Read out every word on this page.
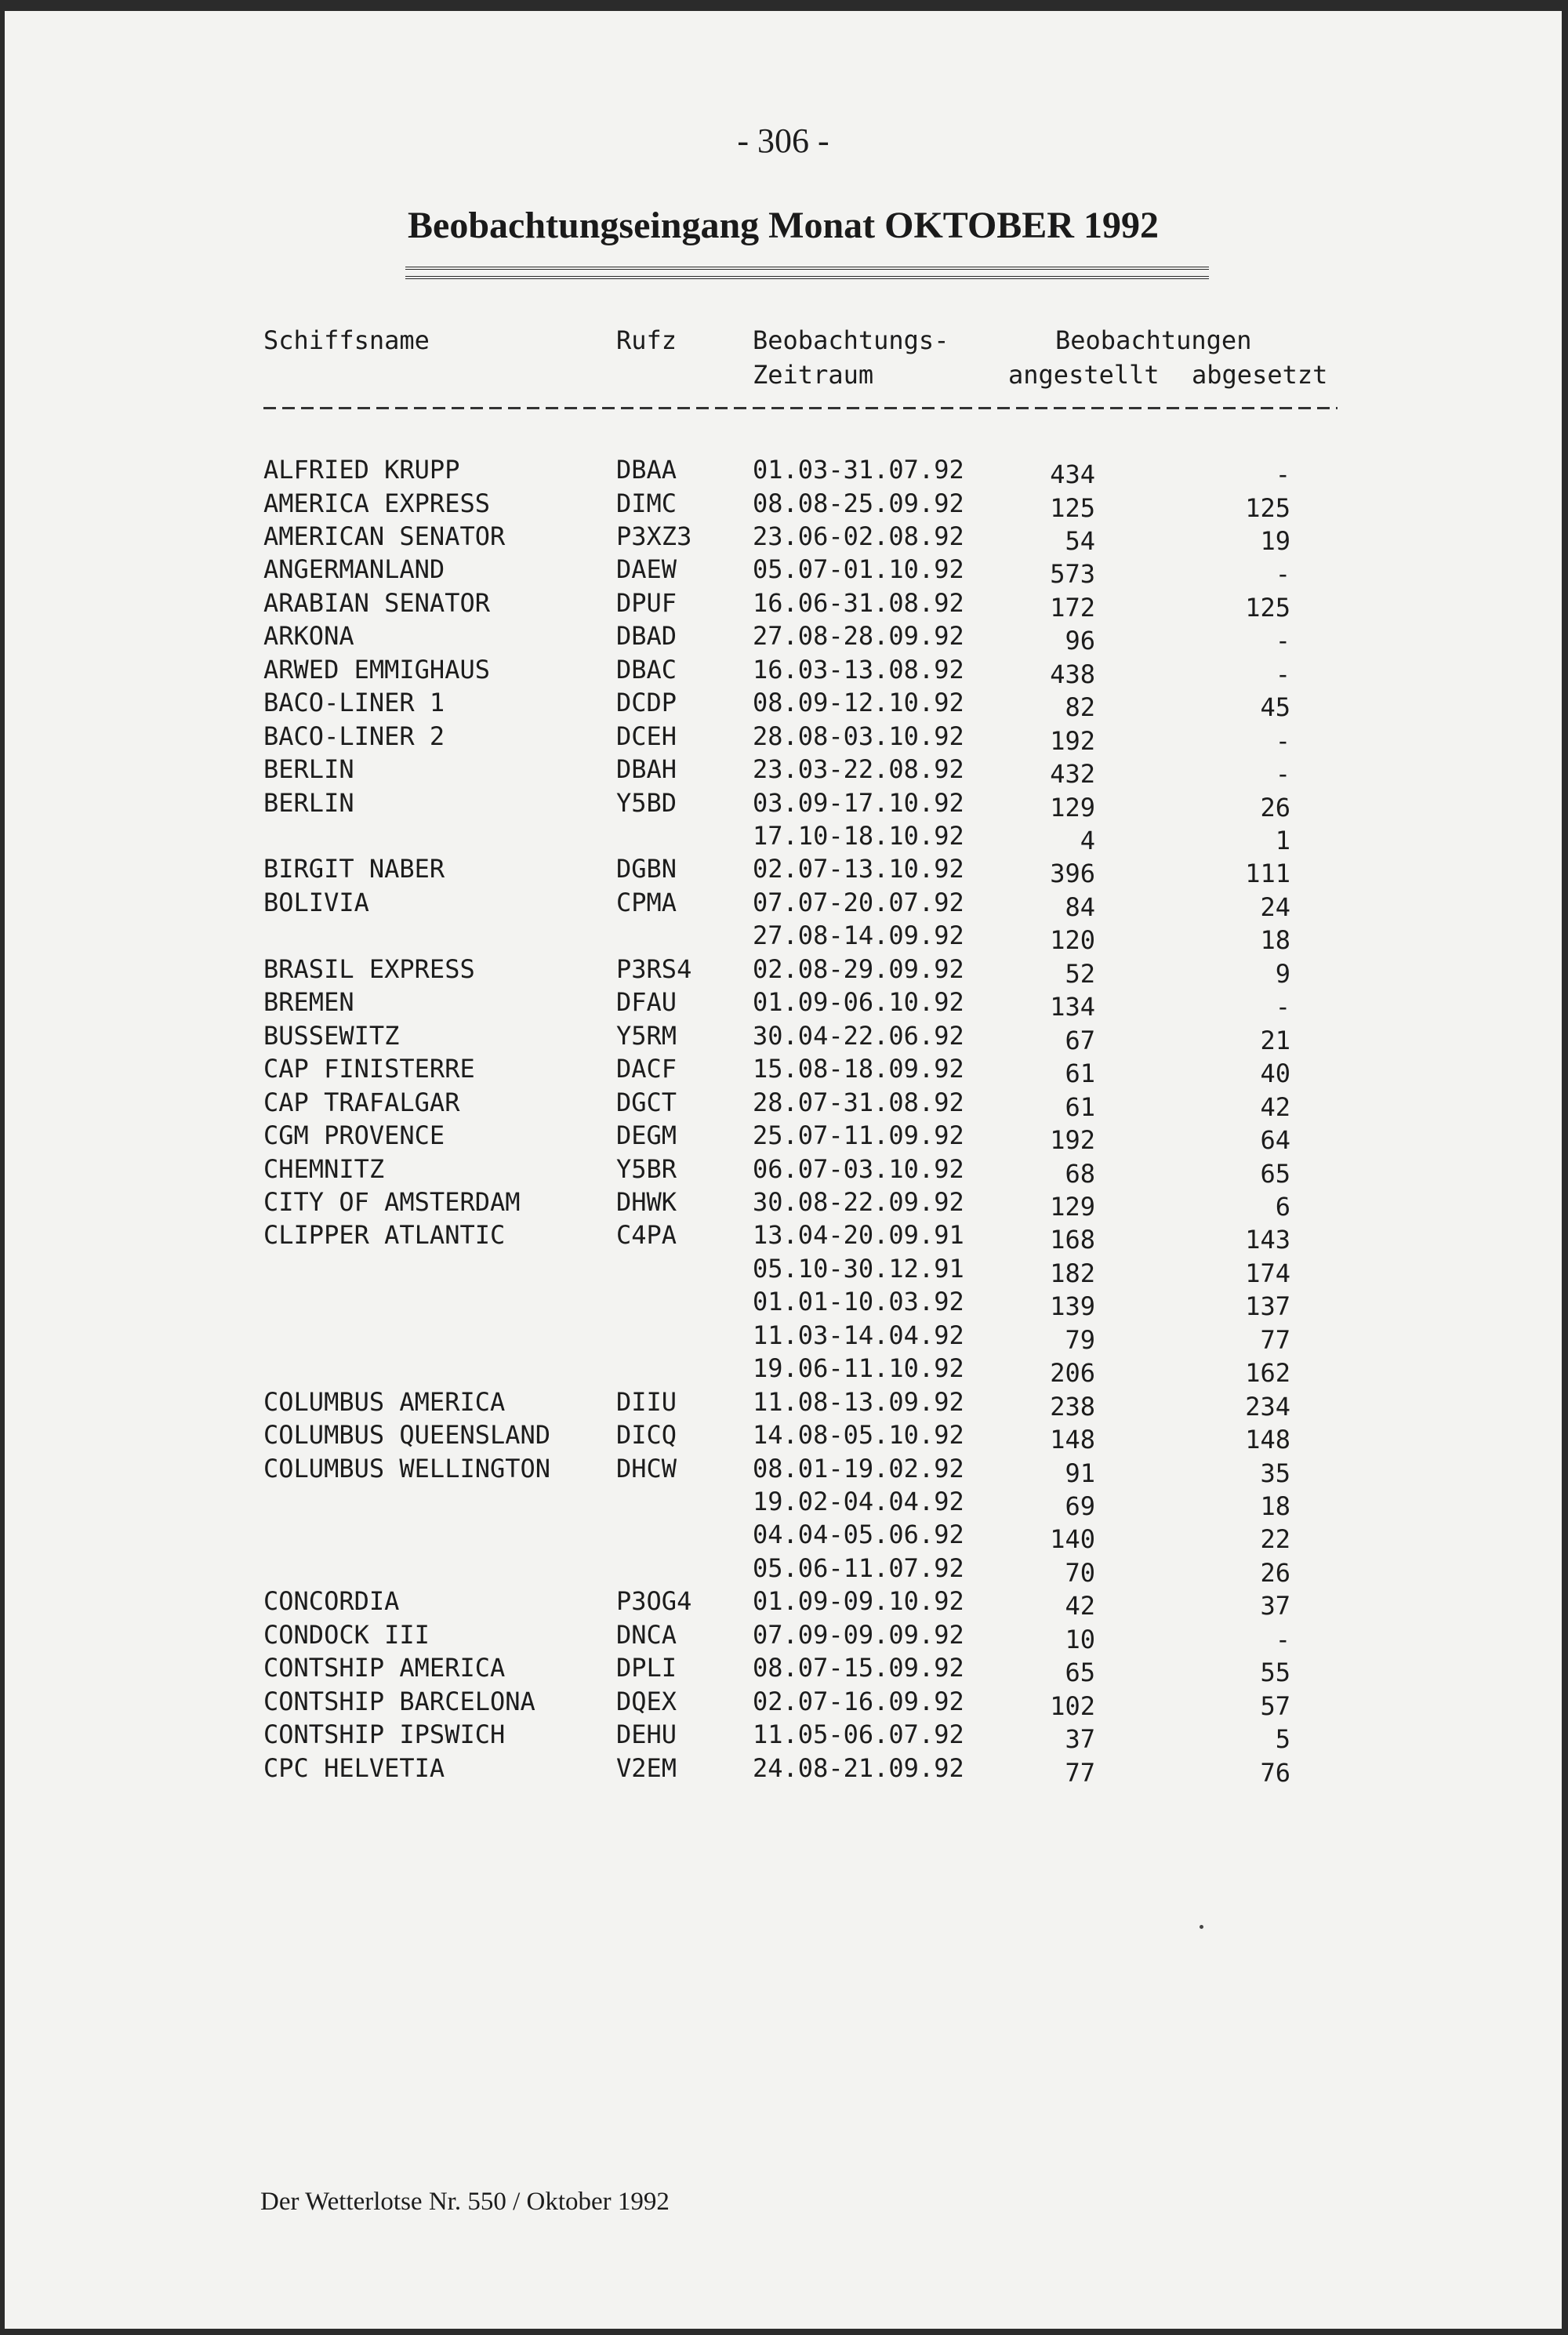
- 306 -
Beobachtungseingang Monat OKTOBER 1992
Schiffsname	Rufz	Beobachtungs-
Zeitraum
Beobachtungen
angestellt abgesetzt
ALFRIED KRUPP	DBAA	01.03-31.07.92	434	-
AMERICA EXPRESS	DIMC	08.08-25.09.92	125	125
AMERICAN SENATOR	P3XZ3 23.06-02.08.92	54	19
ANGERMANLAND	DAEW	05.07-01.10.92	573	-
ARABIAN SENATOR	DPUF	16.06-31.08.92	172	125
ARKONA	DBAD	27.08-28.09.92	96	-
ARWED EMMIGHAUS	DBAC	16.03-13.08.92	438	-
BACO-LINER 1	DCDP	08.09-12.10.92	82	45
BACO-LINER 2	DCEH	28.08-03.10.92	192	-
BERLIN	DBAH	23.03-22.08.92	432	-
BERLIN	Y5BD	03.09-17.10.92	129	26
17.10-18.10.92	4	1
BIRGIT NABER	DGBN	02.07-13.10.92	396	111
BOLIVIA	CPMA	07.07-20.07.92	84	24
27.08-14.09.92	120	18
BRASIL EXPRESS	P3RS4 02.08-29.09.92	52	9
BREMEN	DFAU	01.09-06.10.92	134	-
BUSSEWITZ	Y5RM	30.04-22.06.92	67	21
CAP FINISTERRE	DACF	15.08-18.09.92	61	40
CAP TRAFALGAR	DGCT	28.07-31.08.92	61	42
CGM PROVENCE	DEGM	25.07-11.09.92	192	64
CHEMNITZ	Y5BR	06.07-03.10.92	68	65
CITY OF AMSTERDAM	DHWK	30.08-22.09.92	129	6
CLIPPER ATLANTIC	C4PA	13.04-20.09.91	168	143
05.10-30.12.91	182	174
01.01-10.03.92	139	137
11.03-14.04.92	79	77
19.06-11.10.92	206	162
COLUMBUS AMERICA	DIIU	11.08-13.09.92	238	234
COLUMBUS QUEENSLAND	DICQ	14.08-05.10.92	148	148
COLUMBUS WELLINGTON	DHCW	08.01-19.02.92	91	35
19.02-04.04.92	69	18
04.04-05.06.92	140	22
05.06-11.07.92	70	26
CONCORDIA	P3OG4 01.09-09.10.92	42	37
CONDOCK III	DNCA	07.09-09.09.92	10	-
CONTSHIP AMERICA	DPLI	08.07-15.09.92	65	55
CONTSHIP BARCELONA	DQEX	02.07-16.09.92	102	57
CONTSHIP IPSWICH	DEHU	11.05-06.07.92	37	5
CPC HELVETIA	V2EM	24.08-21.09.92	77	76
Der Wetterlotse Nr. 550 / Oktober 1992
